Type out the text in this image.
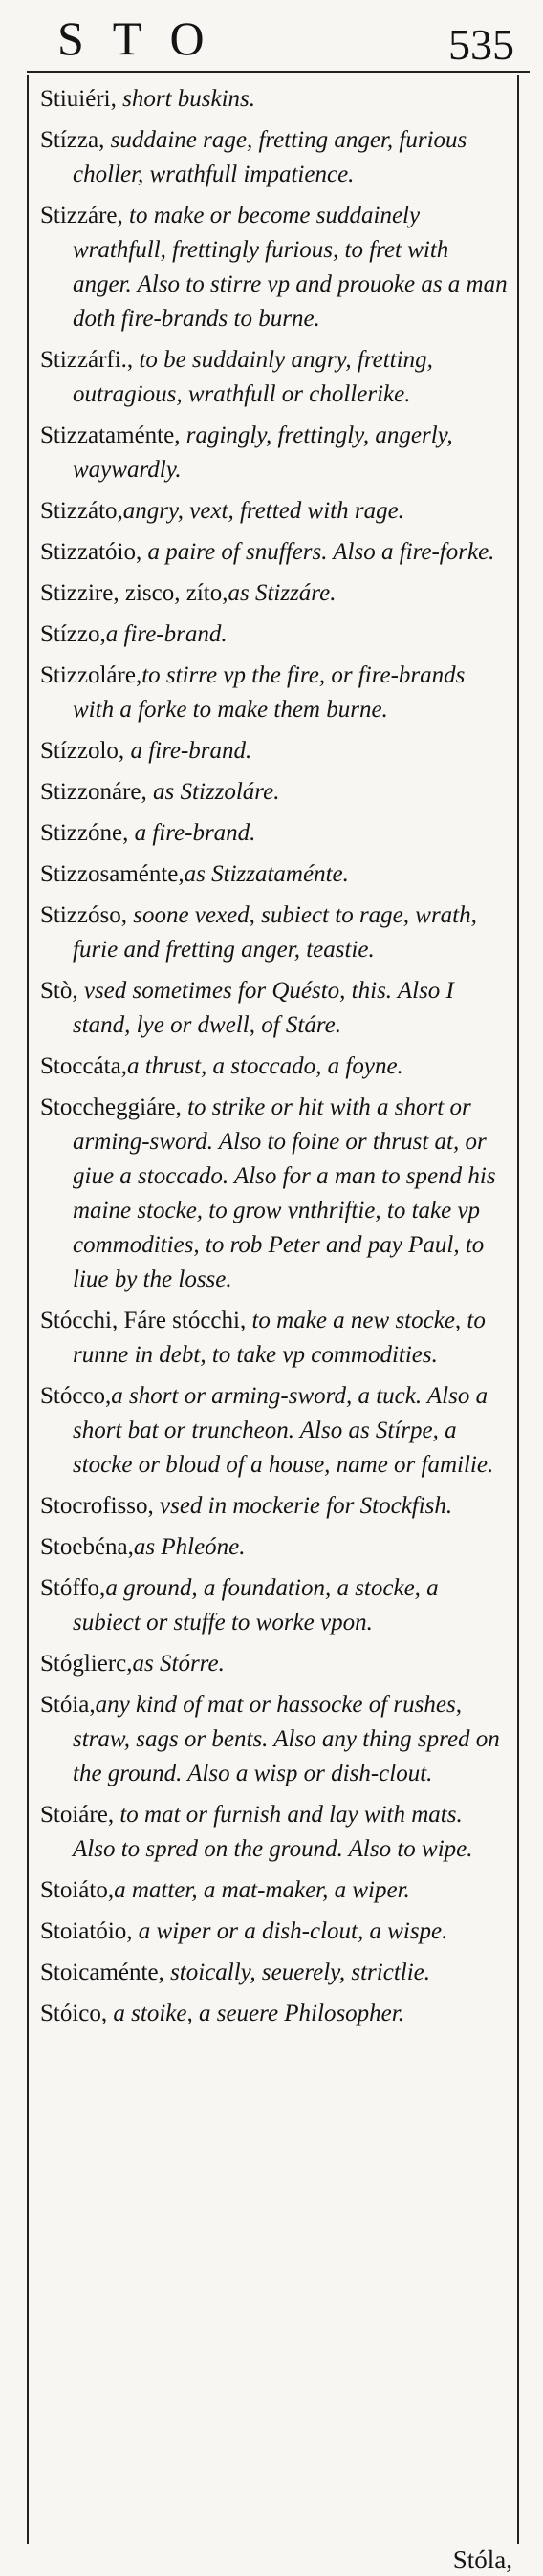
STO	535

Stiuiéri, short buskins.

Stízza, suddaine rage, fretting anger, furious choller, wrathfull impatience.

Stizzáre, to make or become suddainely wrathfull, frettingly furious, to fret with anger. Also to stirre vp and prouoke as a man doth fire-brands to burne.

Stizzárfi., to be suddainly angry, fretting, outragious, wrathfull or chollerike.

Stizzataménte, ragingly, frettingly, angerly, waywardly.

Stizzáto,angry, vext, fretted with rage.

Stizzatóio, a paire of snuffers. Also a fire-forke.

Stizzire, zisco, zíto,as Stizzáre.

Stízzo,a fire-brand.

Stizzoláre,to stirre vp the fire, or fire-brands with a forke to make them burne.

Stízzolo, a fire-brand.

Stizzonáre, as Stizzoláre.

Stizzóne, a fire-brand.

Stizzosaménte,as Stizzataménte.

Stizzóso, soone vexed, subiect to rage, wrath, furie and fretting anger, teastie.

Stò, vsed sometimes for Quésto, this. Also I stand, lye or dwell, of Stáre.

Stoccáta,a thrust, a stoccado, a foyne.

Stoccheggiáre, to strike or hit with a short or arming-sword. Also to foine or thrust at, or giue a stoccado. Also for a man to spend his maine stocke, to grow vnthriftie, to take vp commodities, to rob Peter and pay Paul, to liue by the losse.

Stócchi, Fáre stócchi, to make a new stocke, to runne in debt, to take vp commodities.

Stócco,a short or arming-sword, a tuck. Also a short bat or truncheon. Also as Stírpe, a stocke or bloud of a house, name or familie.

Stocrofisso, vsed in mockerie for Stockfish.

Stoebéna,as Phleóne.

Stóffo,a ground, a foundation, a stocke, a subiect or stuffe to worke vpon.

Stóglierc,as Stórre.

Stóia,any kind of mat or hassocke of rushes, straw, sags or bents. Also any thing spred on the ground. Also a wisp or dish-clout.

Stoiáre, to mat or furnish and lay with mats. Also to spred on the ground. Also to wipe.

Stoiáto,a matter, a mat-maker, a wiper.

Stoiatóio, a wiper or a dish-clout, a wispe.

Stoicaménte, stoically, seuerely, strictlie.

Stóico, a stoike, a seuere Philosopher.

Stóla,
